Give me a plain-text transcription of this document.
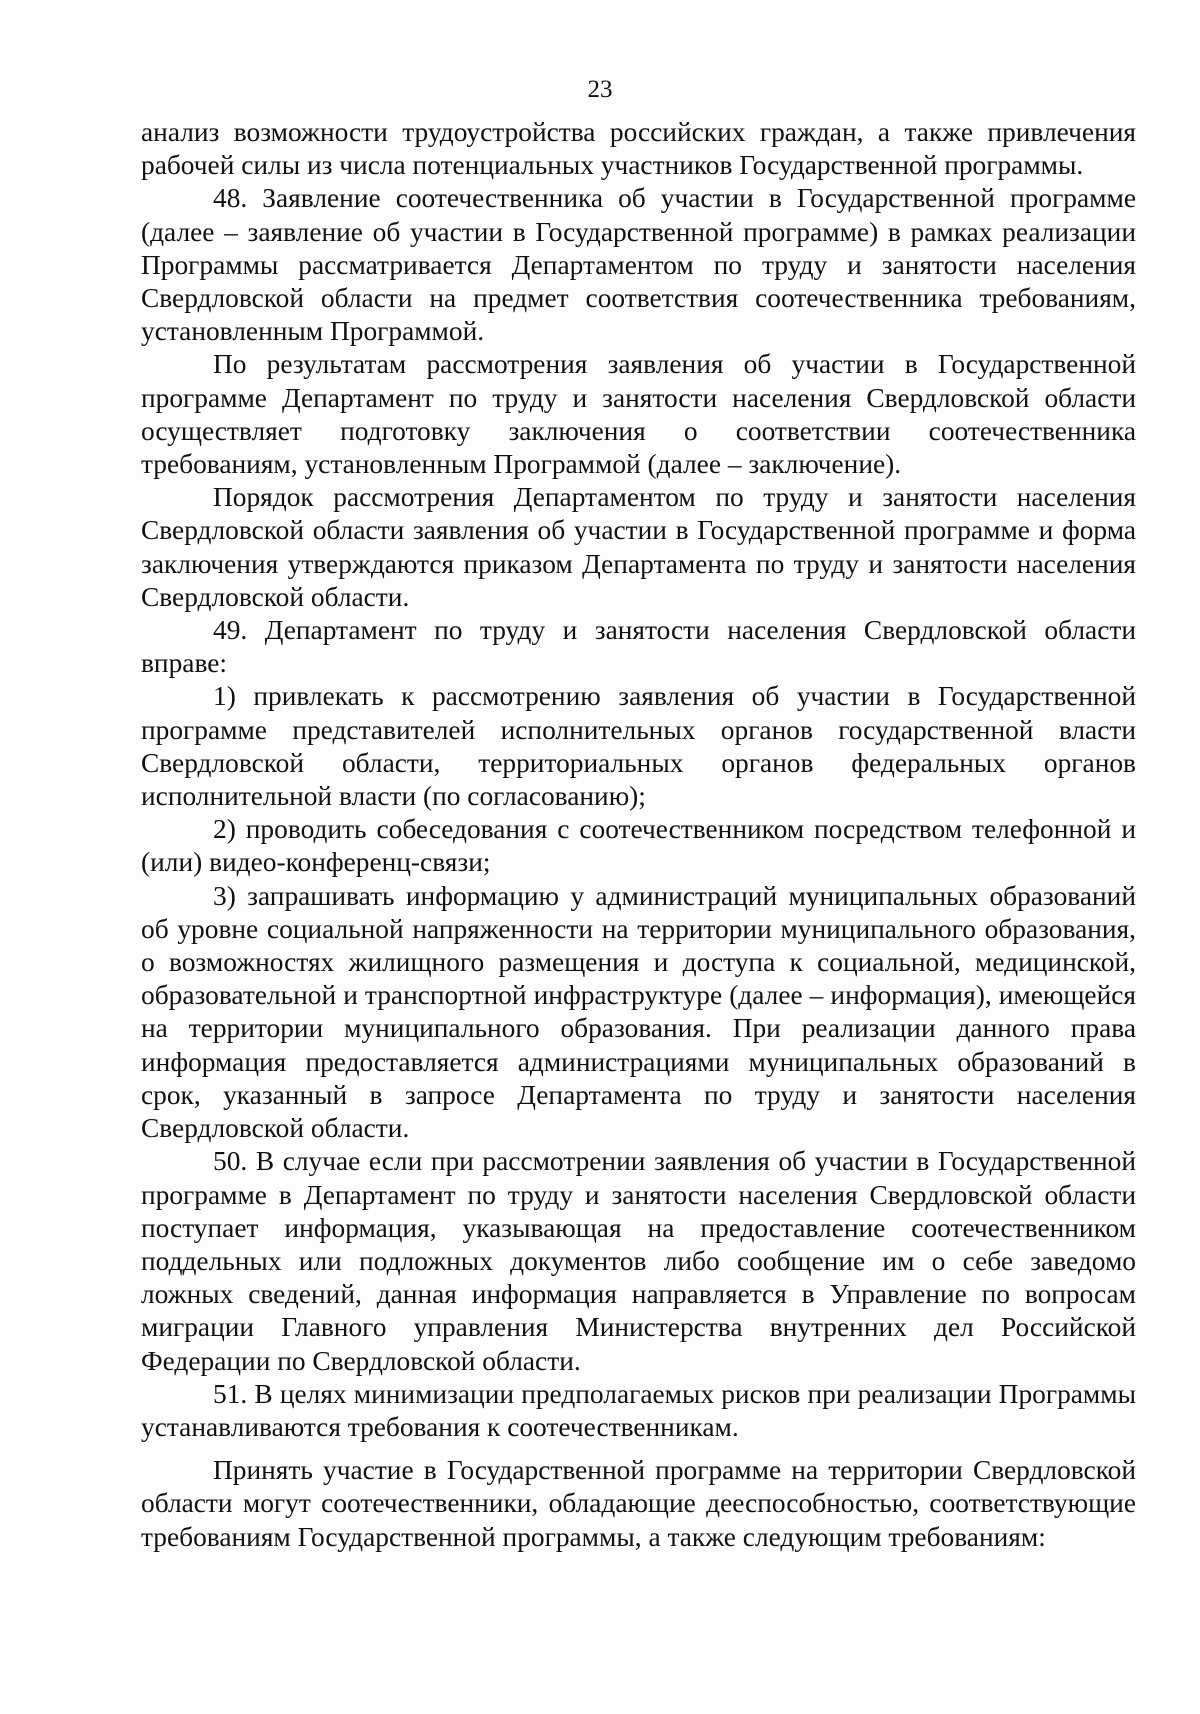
23

анализ возможности трудоустройства российских граждан, а также привлечения рабочей силы из числа потенциальных участников Государственной программы.

48. Заявление соотечественника об участии в Государственной программе (далее – заявление об участии в Государственной программе) в рамках реализации Программы рассматривается Департаментом по труду и занятости населения Свердловской области на предмет соответствия соотечественника требованиям, установленным Программой.

По результатам рассмотрения заявления об участии в Государственной программе Департамент по труду и занятости населения Свердловской области осуществляет подготовку заключения о соответствии соотечественника требованиям, установленным Программой (далее – заключение).

Порядок рассмотрения Департаментом по труду и занятости населения Свердловской области заявления об участии в Государственной программе и форма заключения утверждаются приказом Департамента по труду и занятости населения Свердловской области.

49. Департамент по труду и занятости населения Свердловской области вправе:

1) привлекать к рассмотрению заявления об участии в Государственной программе представителей исполнительных органов государственной власти Свердловской области, территориальных органов федеральных органов исполнительной власти (по согласованию);

2) проводить собеседования с соотечественником посредством телефонной и (или) видео-конференц-связи;

3) запрашивать информацию у администраций муниципальных образований об уровне социальной напряженности на территории муниципального образования, о возможностях жилищного размещения и доступа к социальной, медицинской, образовательной и транспортной инфраструктуре (далее – информация), имеющейся на территории муниципального образования. При реализации данного права информация предоставляется администрациями муниципальных образований в срок, указанный в запросе Департамента по труду и занятости населения Свердловской области.

50. В случае если при рассмотрении заявления об участии в Государственной программе в Департамент по труду и занятости населения Свердловской области поступает информация, указывающая на предоставление соотечественником поддельных или подложных документов либо сообщение им о себе заведомо ложных сведений, данная информация направляется в Управление по вопросам миграции Главного управления Министерства внутренних дел Российской Федерации по Свердловской области.

51. В целях минимизации предполагаемых рисков при реализации Программы устанавливаются требования к соотечественникам.

Принять участие в Государственной программе на территории Свердловской области могут соотечественники, обладающие дееспособностью, соответствующие требованиям Государственной программы, а также следующим требованиям:
